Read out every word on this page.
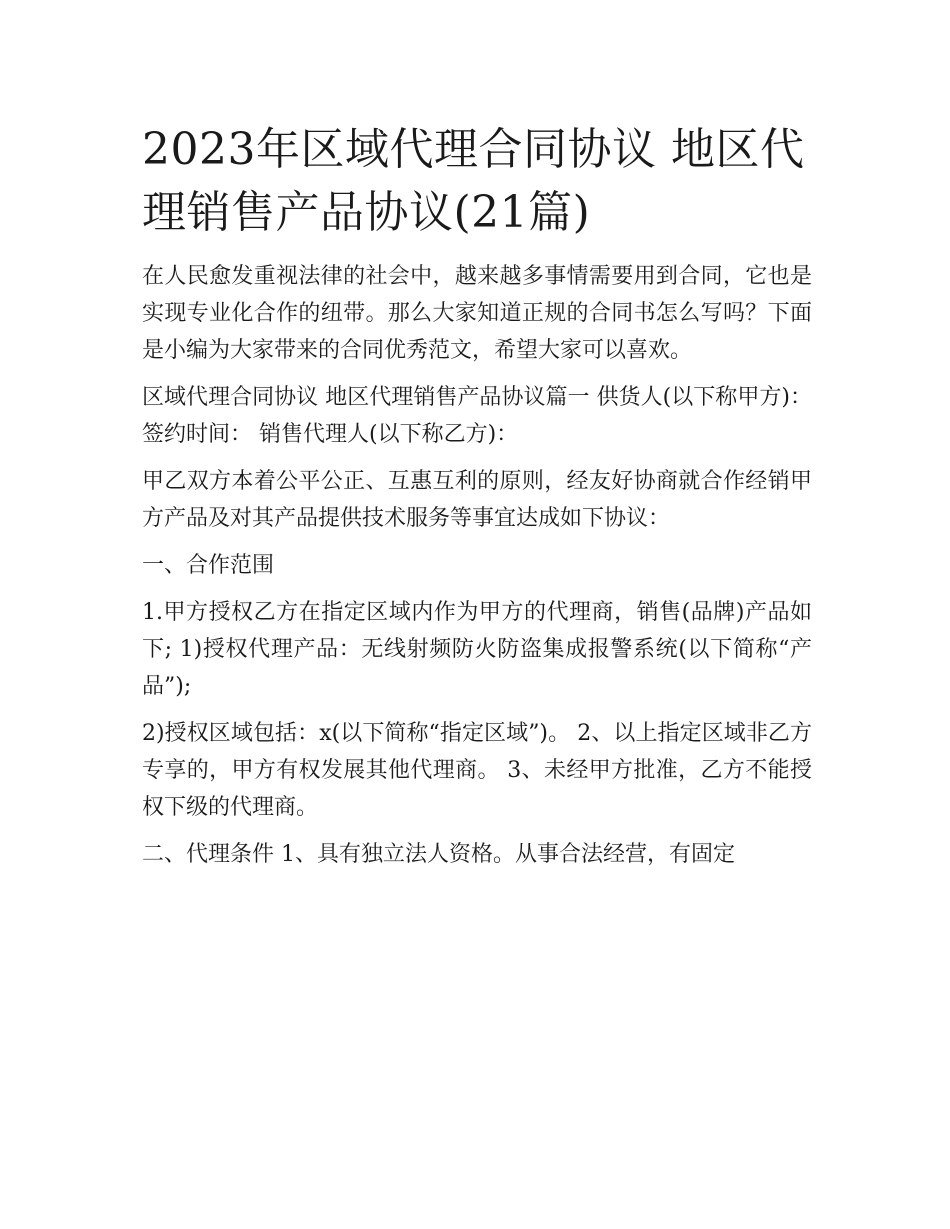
2023年区域代理合同协议 地区代理销售产品协议(21篇)

在人民愈发重视法律的社会中，越来越多事情需要用到合同，它也是实现专业化合作的纽带。那么大家知道正规的合同书怎么写吗？下面是小编为大家带来的合同优秀范文，希望大家可以喜欢。

区域代理合同协议 地区代理销售产品协议篇一 供货人(以下称甲方)：签约时间： 销售代理人(以下称乙方)：

甲乙双方本着公平公正、互惠互利的原则，经友好协商就合作经销甲方产品及对其产品提供技术服务等事宜达成如下协议：

一、合作范围

1.甲方授权乙方在指定区域内作为甲方的代理商，销售(品牌)产品如下; 1)授权代理产品：无线射频防火防盗集成报警系统(以下简称“产品”);

2)授权区域包括：x(以下简称“指定区域”)。 2、以上指定区域非乙方专享的，甲方有权发展其他代理商。 3、未经甲方批准，乙方不能授权下级的代理商。

二、代理条件 1、具有独立法人资格。从事合法经营，有固定
